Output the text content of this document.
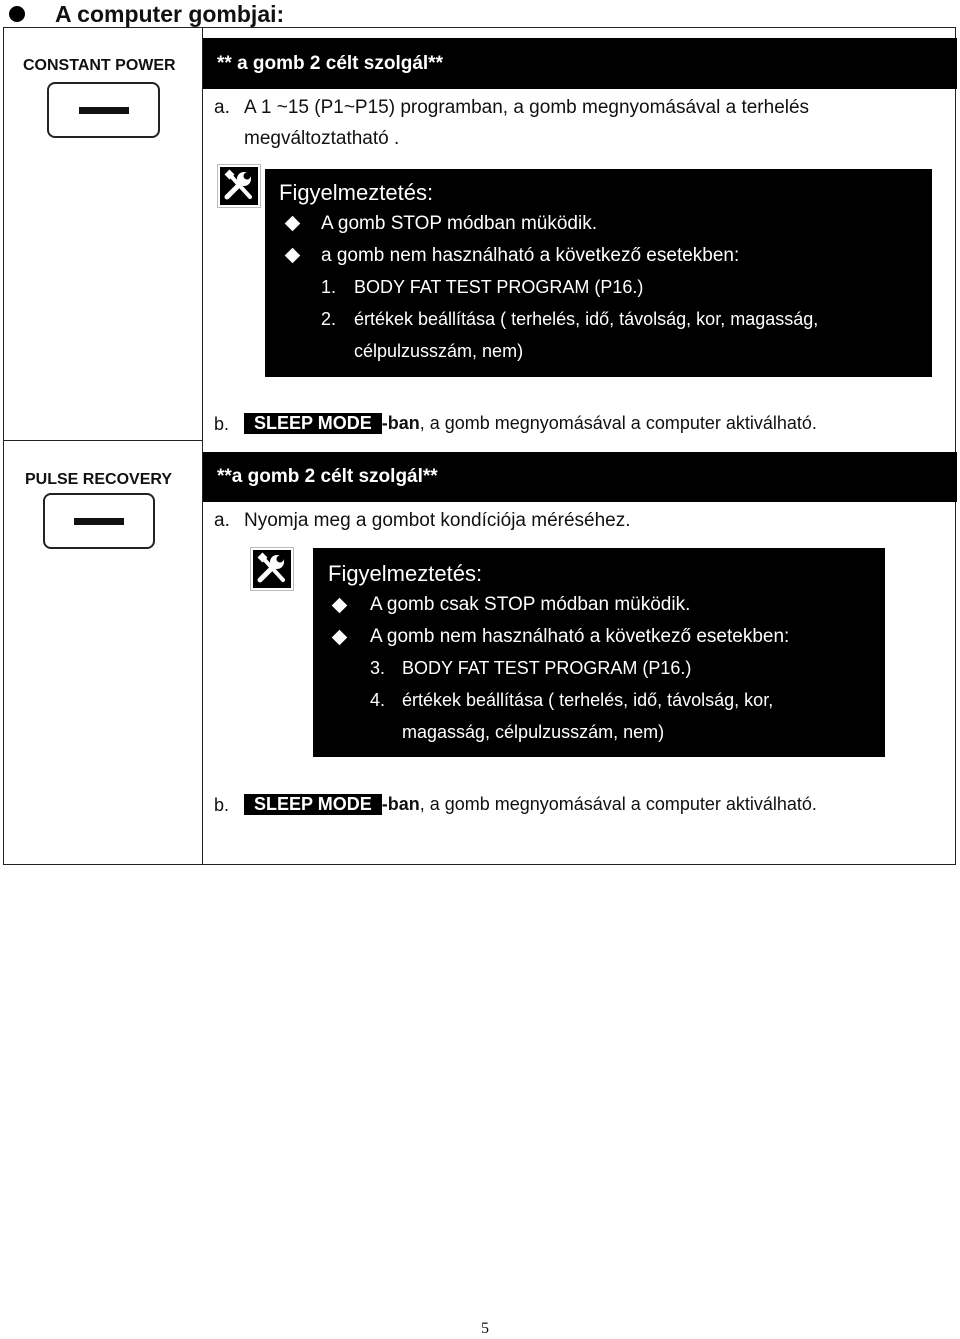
A computer gombjai:
CONSTANT POWER ** a gomb 2 célt szolgál**
a. A 1 ~15 (P1~P15) programban, a gomb megnyomásával a terhelés
megváltoztatható .
Figyelmeztetés:
A gomb STOP módban müködik.
a gomb nem használható a következő esetekben:
1. BODY FAT TEST PROGRAM (P16.)
2. értékek beállítása ( terhelés, idő, távolság, kor, magasság,
célpulzusszám, nem)
b.	SLEEP MODE -ban, a gomb megnyomásával a computer aktiválható.
PULSE RECOVERY **a gomb 2 célt szolgál**
a. Nyomja meg a gombot kondíciója méréséhez.
Figyelmeztetés:
A gomb csak STOP módban müködik.
A gomb nem használható a következő esetekben:
3. BODY FAT TEST PROGRAM (P16.)
4. értékek beállítása ( terhelés, idő, távolság, kor,
magasság, célpulzusszám, nem)
b.	SLEEP MODE -ban, a gomb megnyomásával a computer aktiválható.
5
